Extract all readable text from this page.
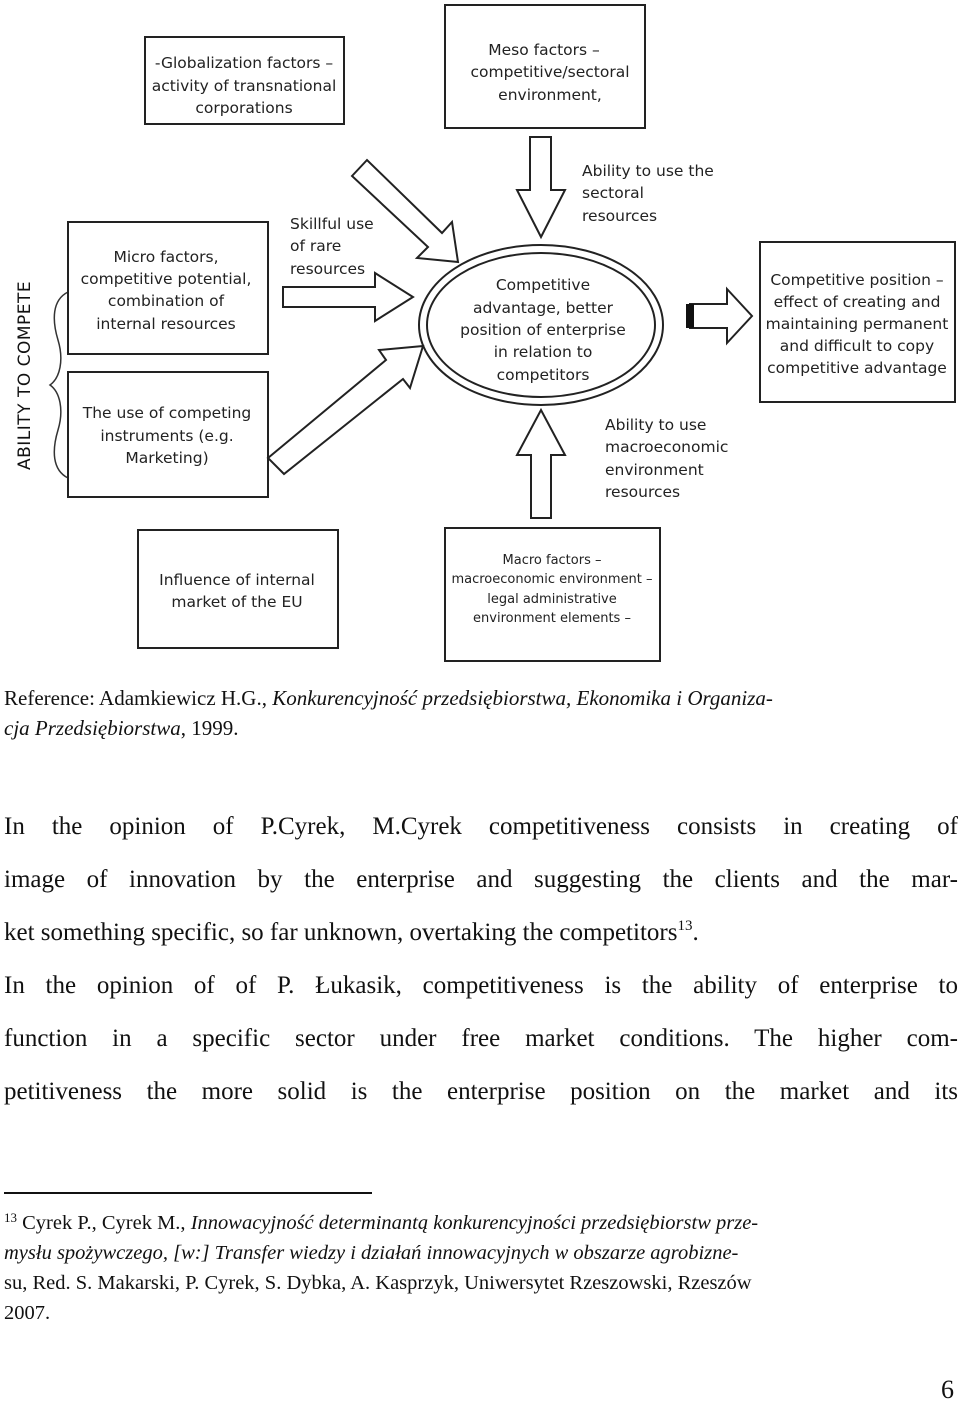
ABILITY TO COMPETE
-Globalization factors –
activity of transnational
corporations
Meso factors –
competitive/sectoral
environment,
Micro factors,
competitive potential,
combination of
internal resources
The use of competing
instruments (e.g.
Marketing)
Influence of internal
market of the EU
Macro factors –
macroeconomic environment –
legal administrative
environment elements –
Competitive position –
effect of creating and
maintaining permanent
and difficult to copy
competitive advantage
Competitive
advantage, better
position of enterprise
in relation to
competitors
Skillful use
of rare
resources
Ability to use the
sectoral
resources
Ability to use
macroeconomic
environment
resources
Reference: Adamkiewicz H.G., Konkurencyjność przedsiębiorstwa, Ekonomika i Organiza-
cja Przedsiębiorstwa, 1999.
In the opinion of P.Cyrek, M.Cyrek competitiveness consists in creating of
image of innovation by the enterprise and suggesting the clients and the mar-
ket something specific, so far unknown, overtaking the competitors$^{13}$.
In the opinion of of P. Łukasik, competitiveness is the ability of enterprise to
function in a specific sector under free market conditions. The higher com-
petitiveness the more solid is the enterprise position on the market and its
$^{13}$ Cyrek P., Cyrek M., Innowacyjność determinantą konkurencyjności przedsiębiorstw prze-
mysłu spożywczego, [w:] Transfer wiedzy i działań innowacyjnych w obszarze agrobizne-
su, Red. S. Makarski, P. Cyrek, S. Dybka, A. Kasprzyk, Uniwersytet Rzeszowski, Rzeszów
2007.
6
